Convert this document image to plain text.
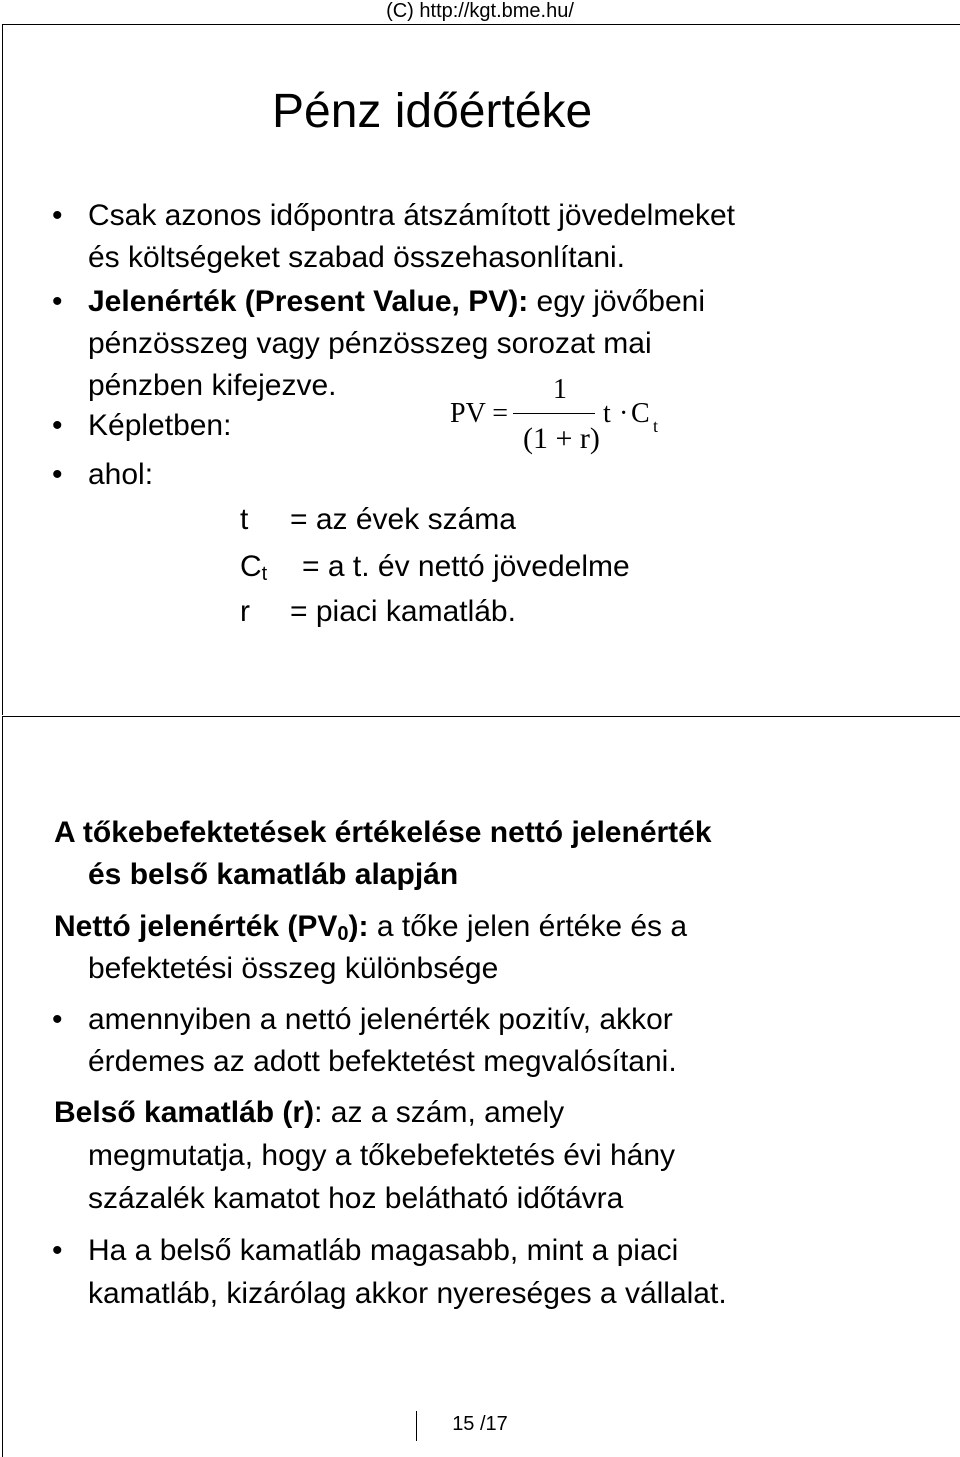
(C) http://kgt.bme.hu/
Pénz időértéke
• Csak azonos időpontra átszámított jövedelmeket
és költségeket szabad összehasonlítani.
• Jelenérték (Present Value, PV): egy jövőbeni
pénzösszeg vagy pénzösszeg sorozat mai
pénzben kifejezve.
• Képletben:
• ahol:
PV =
1
(1 + r)
t · C t
t = az évek száma
Ct = a t. év nettó jövedelme
r = piaci kamatláb.
A tőkebefektetések értékelése nettó jelenérték
és belső kamatláb alapján
Nettó jelenérték (PV0): a tőke jelen értéke és a
befektetési összeg különbsége
• amennyiben a nettó jelenérték pozitív, akkor
érdemes az adott befektetést megvalósítani.
Belső kamatláb (r): az a szám, amely
megmutatja, hogy a tőkebefektetés évi hány
százalék kamatot hoz belátható időtávra
• Ha a belső kamatláb magasabb, mint a piaci
kamatláb, kizárólag akkor nyereséges a vállalat.
15 /17
